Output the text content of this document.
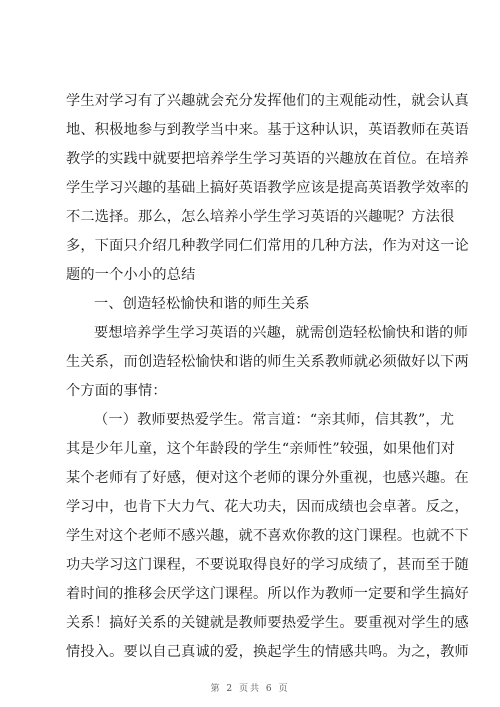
学生对学习有了兴趣就会充分发挥他们的主观能动性，就会认真
地、积极地参与到教学当中来。基于这种认识，英语教师在英语
教学的实践中就要把培养学生学习英语的兴趣放在首位。在培养
学生学习兴趣的基础上搞好英语教学应该是提高英语教学效率的
不二选择。那么，怎么培养小学生学习英语的兴趣呢？方法很
多，下面只介绍几种教学同仁们常用的几种方法，作为对这一论
题的一个小小的总结
一、创造轻松愉快和谐的师生关系
要想培养学生学习英语的兴趣，就需创造轻松愉快和谐的师
生关系，而创造轻松愉快和谐的师生关系教师就必须做好以下两
个方面的事情：
（一）教师要热爱学生。常言道：“亲其师，信其教”，尤
其是少年儿童，这个年龄段的学生“亲师性”较强，如果他们对
某个老师有了好感，便对这个老师的课分外重视，也感兴趣。在
学习中，也肯下大力气、花大功夫，因而成绩也会卓著。反之，
学生对这个老师不感兴趣，就不喜欢你教的这门课程。也就不下
功夫学习这门课程，不要说取得良好的学习成绩了，甚而至于随
着时间的推移会厌学这门课程。所以作为教师一定要和学生搞好
关系！搞好关系的关键就是教师要热爱学生。要重视对学生的感
情投入。要以自己真诚的爱，换起学生的情感共鸣。为之，教师
第 2 页共 6 页
